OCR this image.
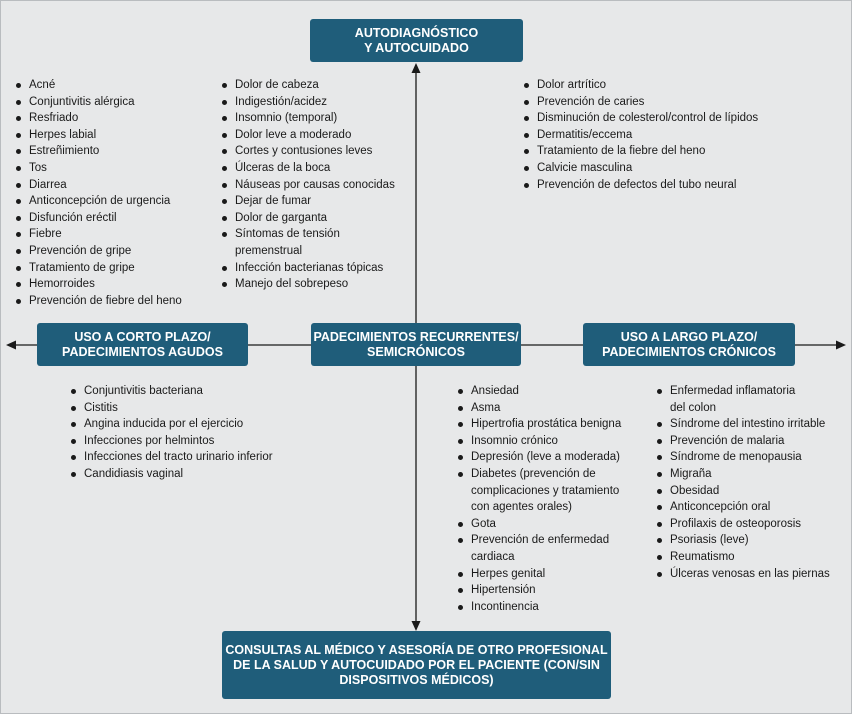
AUTODIAGNÓSTICO
Y AUTOCUIDADO
USO A CORTO PLAZO/
PADECIMIENTOS AGUDOS
PADECIMIENTOS RECURRENTES/
SEMICRÓNICOS
USO A LARGO PLAZO/
PADECIMIENTOS CRÓNICOS
CONSULTAS AL MÉDICO Y ASESORÍA DE OTRO PROFESIONAL
DE LA SALUD Y AUTOCUIDADO POR EL PACIENTE (CON/SIN
DISPOSITIVOS MÉDICOS)
Acné
Conjuntivitis alérgica
Resfriado
Herpes labial
Estreñimiento
Tos
Diarrea
Anticoncepción de urgencia
Disfunción eréctil
Fiebre
Prevención de gripe
Tratamiento de gripe
Hemorroides
Prevención de fiebre del heno
Dolor de cabeza
Indigestión/acidez
Insomnio (temporal)
Dolor leve a moderado
Cortes y contusiones leves
Úlceras de la boca
Náuseas por causas conocidas
Dejar de fumar
Dolor de garganta
Síntomas de tensión
premenstrual
Infección bacterianas tópicas
Manejo del sobrepeso
Dolor artrítico
Prevención de caries
Disminución de colesterol/control de lípidos
Dermatitis/eccema
Tratamiento de la fiebre del heno
Calvicie masculina
Prevención de defectos del tubo neural
Conjuntivitis bacteriana
Cistitis
Angina inducida por el ejercicio
Infecciones por helmintos
Infecciones del tracto urinario inferior
Candidiasis vaginal
Ansiedad
Asma
Hipertrofia prostática benigna
Insomnio crónico
Depresión (leve a moderada)
Diabetes (prevención de
complicaciones y tratamiento
con agentes orales)
Gota
Prevención de enfermedad
cardiaca
Herpes genital
Hipertensión
Incontinencia
Enfermedad inflamatoria
del colon
Síndrome del intestino irritable
Prevención de malaria
Síndrome de menopausia
Migraña
Obesidad
Anticoncepción oral
Profilaxis de osteoporosis
Psoriasis (leve)
Reumatismo
Úlceras venosas en las piernas
